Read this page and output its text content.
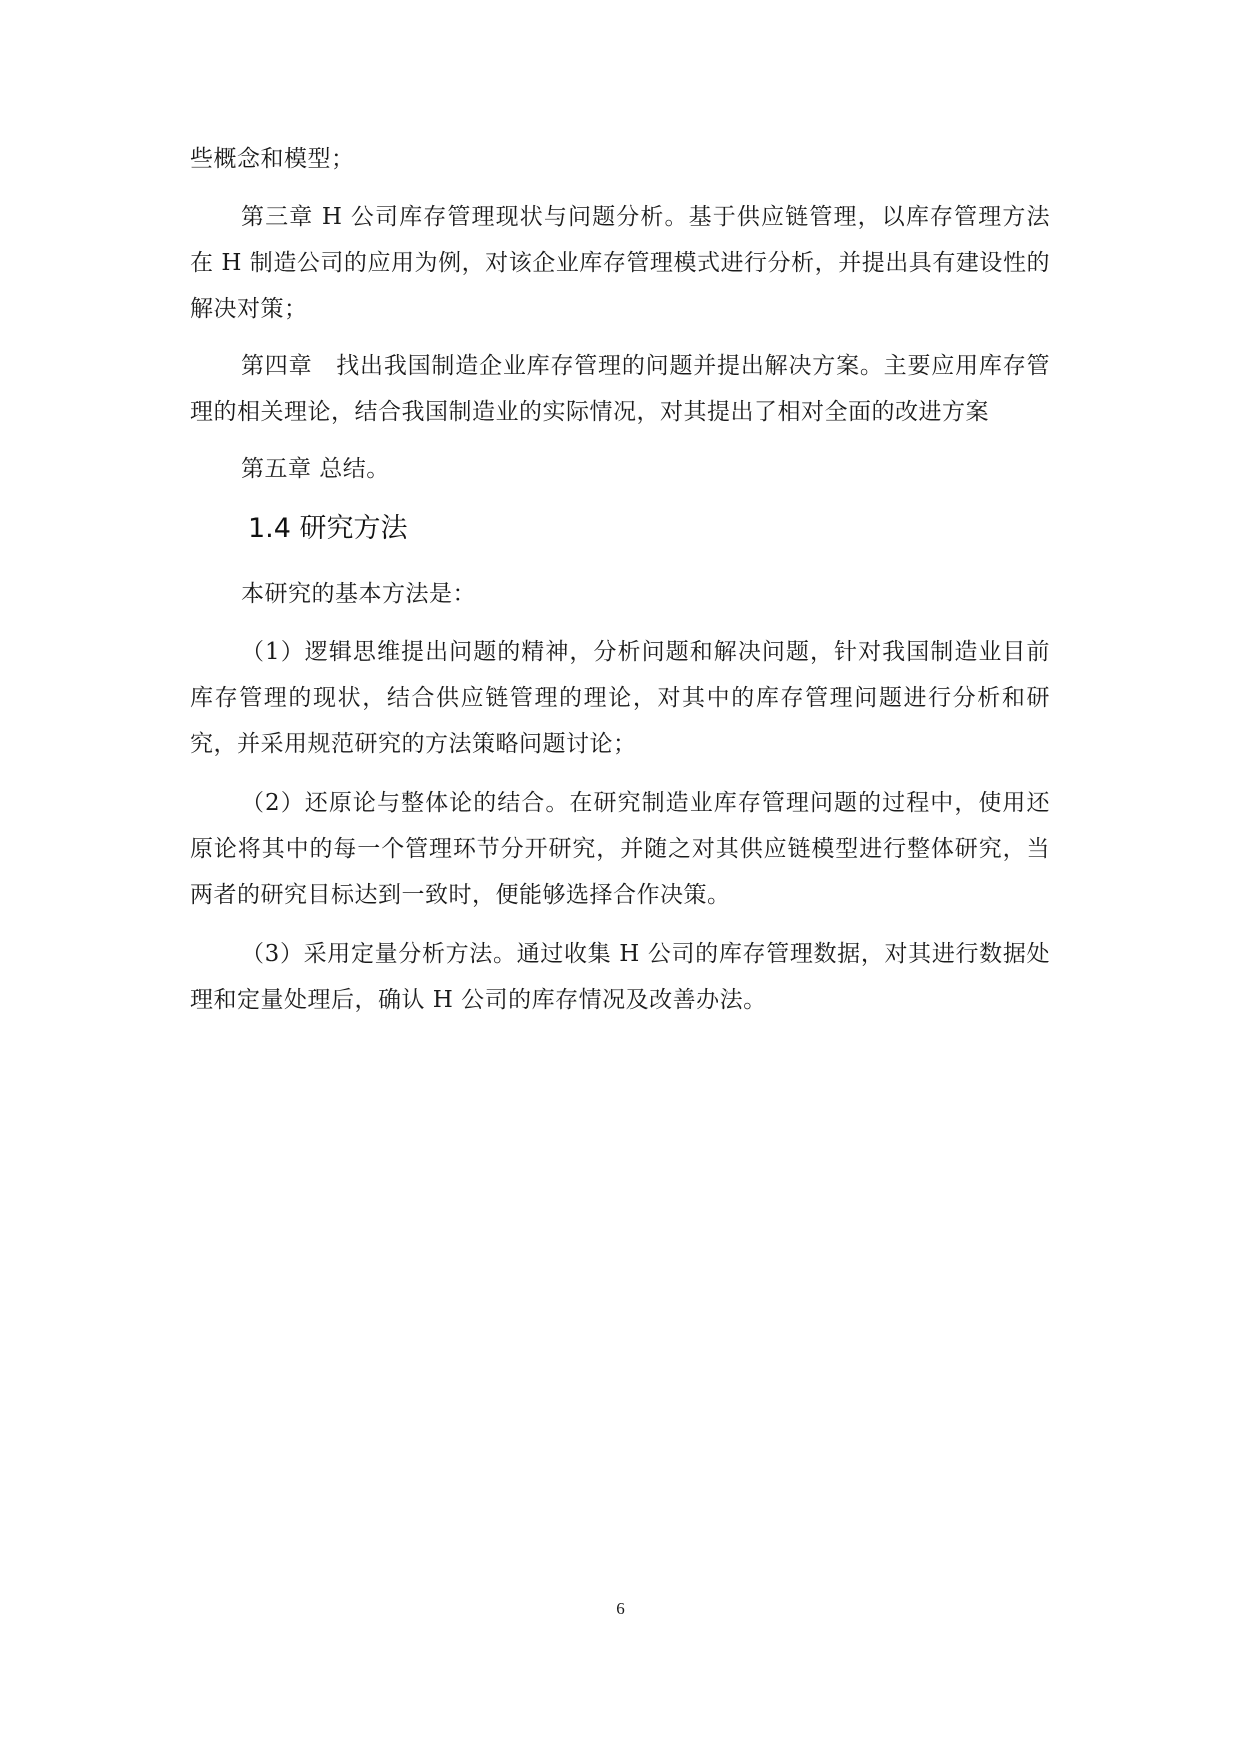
些概念和模型；

第三章 H 公司库存管理现状与问题分析。基于供应链管理，以库存管理方法在 H 制造公司的应用为例，对该企业库存管理模式进行分析，并提出具有建设性的解决对策；

第四章　找出我国制造企业库存管理的问题并提出解决方案。主要应用库存管理的相关理论，结合我国制造业的实际情况，对其提出了相对全面的改进方案

第五章 总结。

1.4 研究方法

本研究的基本方法是：

（1）逻辑思维提出问题的精神，分析问题和解决问题，针对我国制造业目前库存管理的现状，结合供应链管理的理论，对其中的库存管理问题进行分析和研究，并采用规范研究的方法策略问题讨论；

（2）还原论与整体论的结合。在研究制造业库存管理问题的过程中，使用还原论将其中的每一个管理环节分开研究，并随之对其供应链模型进行整体研究，当两者的研究目标达到一致时，便能够选择合作决策。

（3）采用定量分析方法。通过收集 H 公司的库存管理数据，对其进行数据处理和定量处理后，确认 H 公司的库存情况及改善办法。

6
